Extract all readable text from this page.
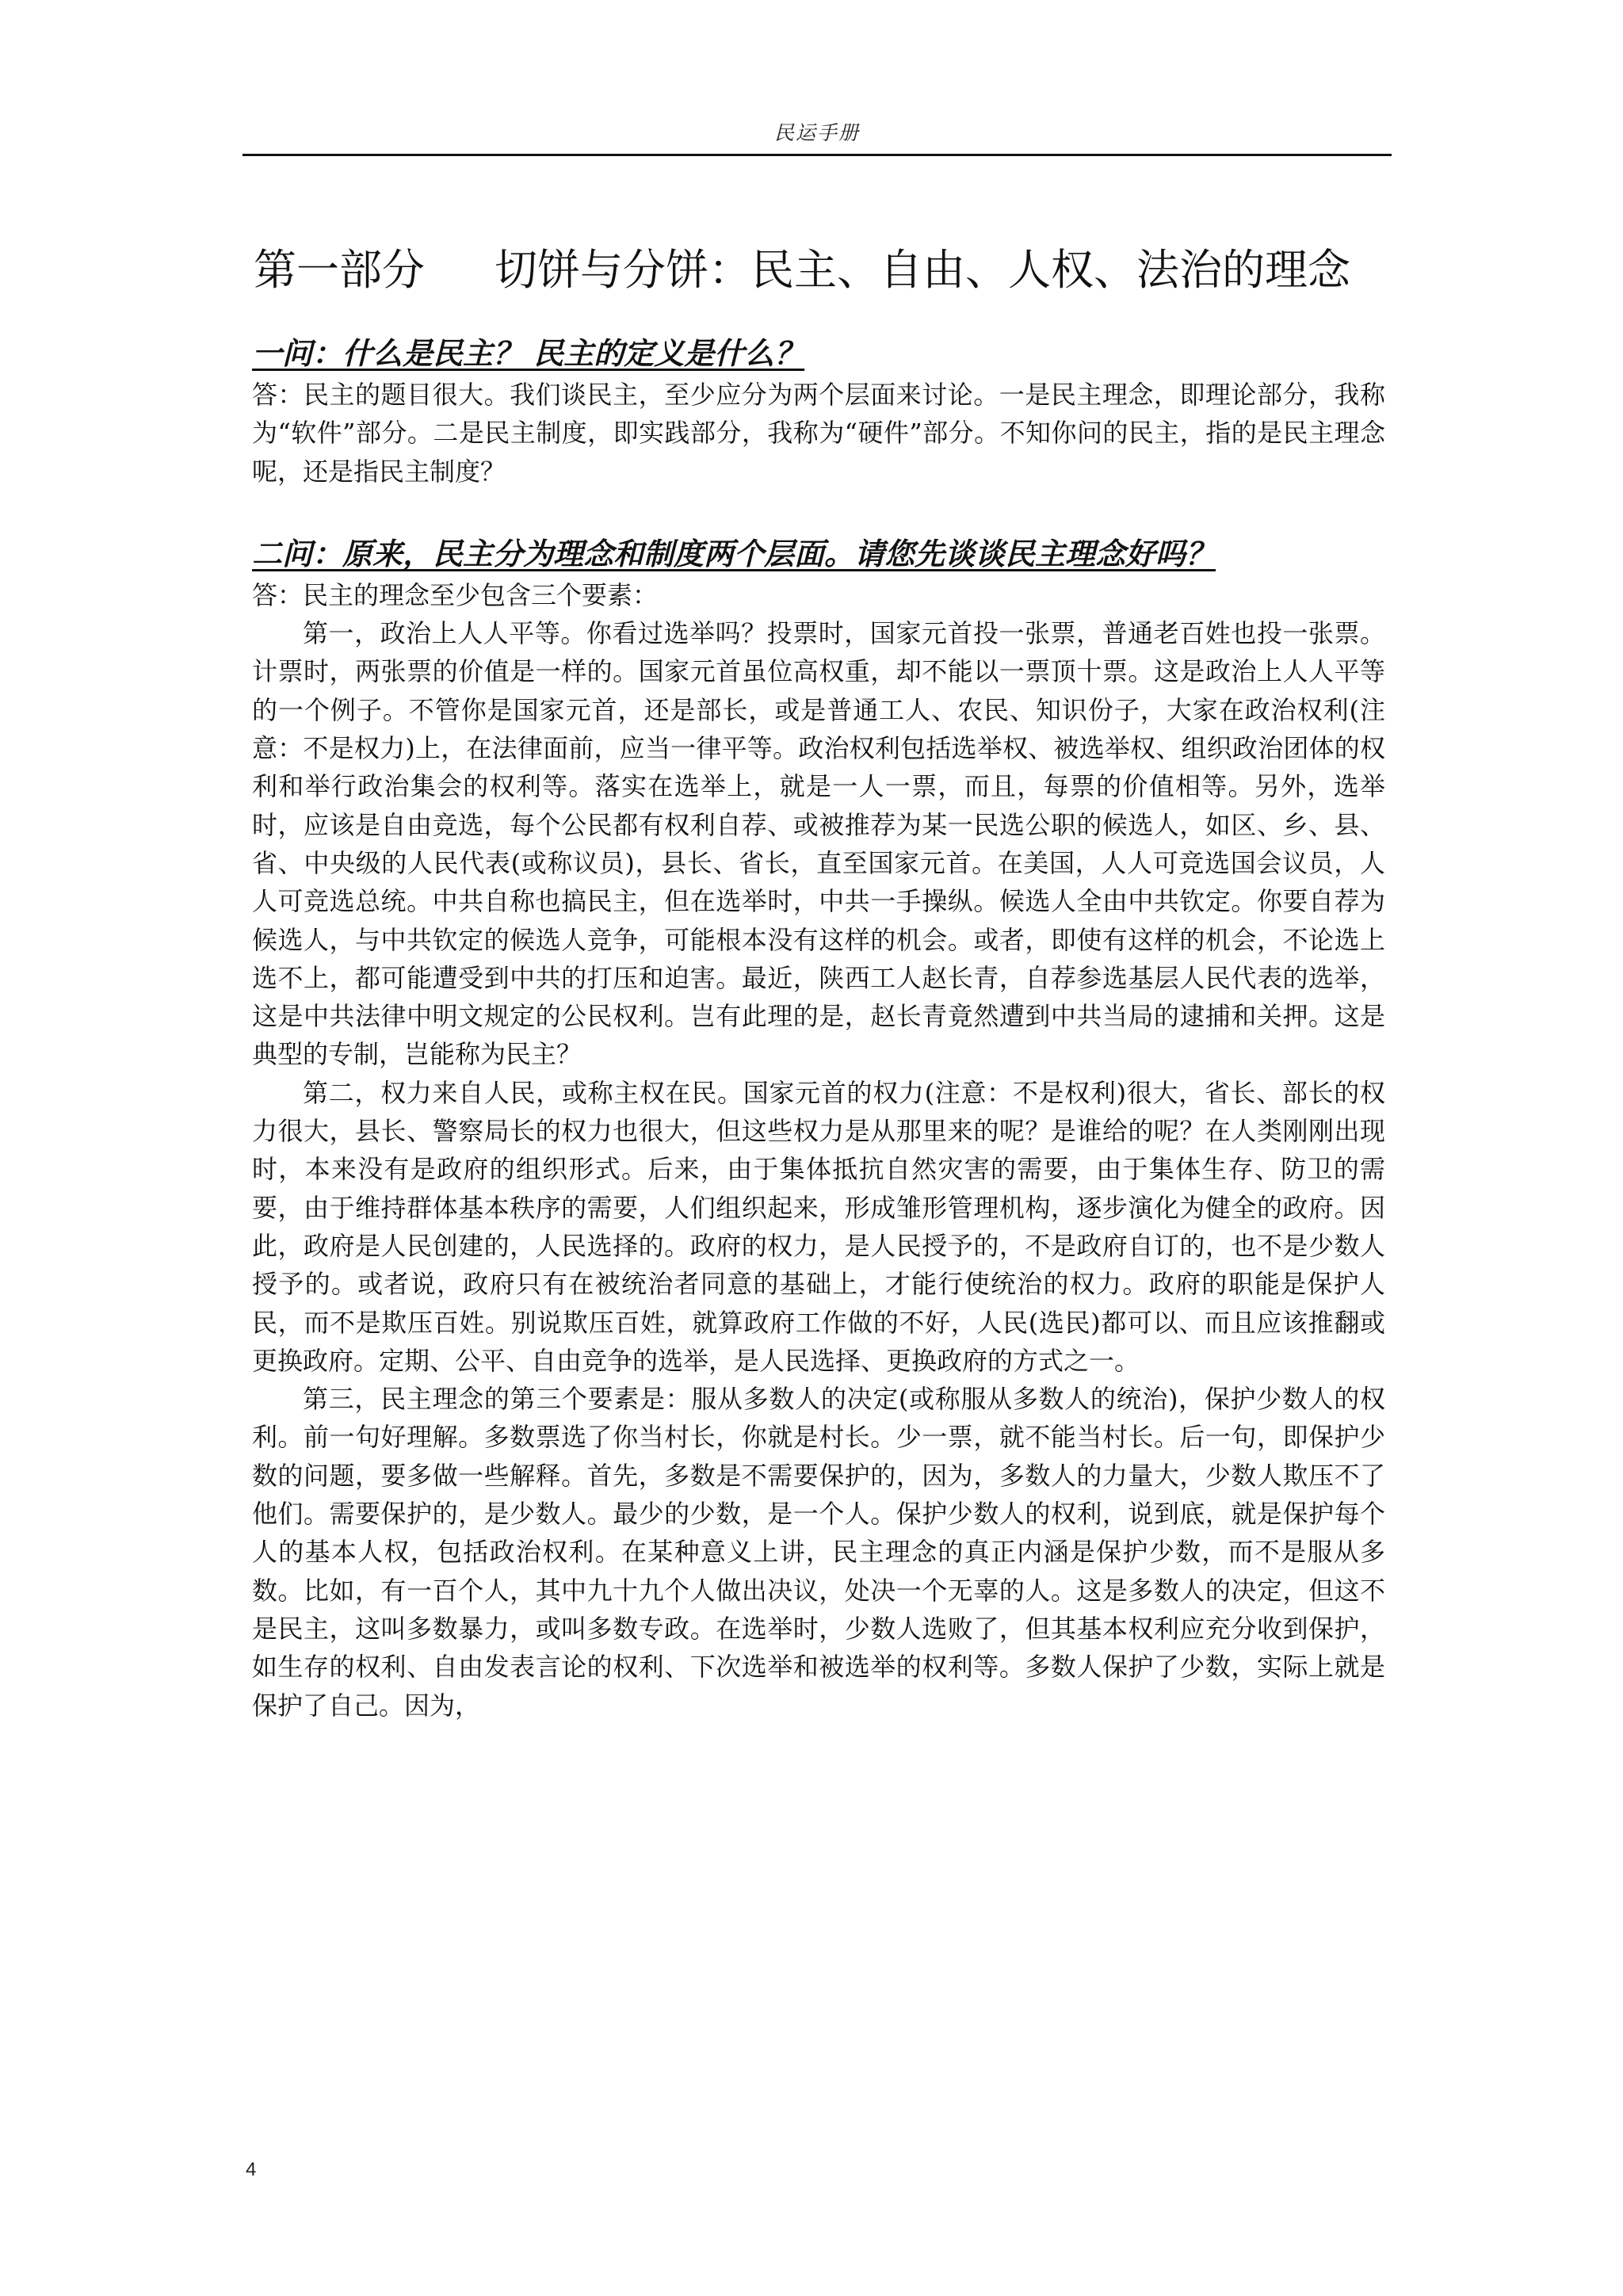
民运手册
第一部分 切饼与分饼：民主、自由、人权、法治的理念
一问：什么是民主？ 民主的定义是什么？

答：民主的题目很大。我们谈民主，至少应分为两个层面来讨论。一是民主理念，即理论部分，我称为“软件”部分。二是民主制度，即实践部分，我称为“硬件”部分。不知你问的民主，指的是民主理念呢，还是指民主制度？

二问：原来，民主分为理念和制度两个层面。请您先谈谈民主理念好吗？

答：民主的理念至少包含三个要素：

第一，政治上人人平等。你看过选举吗？投票时，国家元首投一张票，普通老百姓也投一张票。计票时，两张票的价值是一样的。国家元首虽位高权重，却不能以一票顶十票。这是政治上人人平等的一个例子。不管你是国家元首，还是部长，或是普通工人、农民、知识份子，大家在政治权利(注意：不是权力)上，在法律面前，应当一律平等。政治权利包括选举权、被选举权、组织政治团体的权利和举行政治集会的权利等。落实在选举上，就是一人一票，而且，每票的价值相等。另外，选举时，应该是自由竞选，每个公民都有权利自荐、或被推荐为某一民选公职的候选人，如区、乡、县、省、中央级的人民代表(或称议员)，县长、省长，直至国家元首。在美国，人人可竞选国会议员，人人可竞选总统。中共自称也搞民主，但在选举时，中共一手操纵。候选人全由中共钦定。你要自荐为候选人，与中共钦定的候选人竞争，可能根本没有这样的机会。或者，即使有这样的机会，不论选上选不上，都可能遭受到中共的打压和迫害。最近，陕西工人赵长青，自荐参选基层人民代表的选举，这是中共法律中明文规定的公民权利。岂有此理的是，赵长青竟然遭到中共当局的逮捕和关押。这是典型的专制，岂能称为民主？

第二，权力来自人民，或称主权在民。国家元首的权力(注意：不是权利)很大，省长、部长的权力很大，县长、警察局长的权力也很大，但这些权力是从那里来的呢？是谁给的呢？在人类刚刚出现时，本来没有是政府的组织形式。后来，由于集体抵抗自然灾害的需要，由于集体生存、防卫的需要，由于维持群体基本秩序的需要，人们组织起来，形成雏形管理机构，逐步演化为健全的政府。因此，政府是人民创建的，人民选择的。政府的权力，是人民授予的，不是政府自订的，也不是少数人授予的。或者说，政府只有在被统治者同意的基础上，才能行使统治的权力。政府的职能是保护人民，而不是欺压百姓。别说欺压百姓，就算政府工作做的不好，人民(选民)都可以、而且应该推翻或更换政府。定期、公平、自由竞争的选举，是人民选择、更换政府的方式之一。

第三，民主理念的第三个要素是：服从多数人的决定(或称服从多数人的统治)，保护少数人的权利。前一句好理解。多数票选了你当村长，你就是村长。少一票，就不能当村长。后一句，即保护少数的问题，要多做一些解释。首先，多数是不需要保护的，因为，多数人的力量大，少数人欺压不了他们。需要保护的，是少数人。最少的少数，是一个人。保护少数人的权利，说到底，就是保护每个人的基本人权，包括政治权利。在某种意义上讲，民主理念的真正内涵是保护少数，而不是服从多数。比如，有一百个人，其中九十九个人做出决议，处决一个无辜的人。这是多数人的决定，但这不是民主，这叫多数暴力，或叫多数专政。在选举时，少数人选败了，但其基本权利应充分收到保护，如生存的权利、自由发表言论的权利、下次选举和被选举的权利等。多数人保护了少数，实际上就是保护了自己。因为，

4
